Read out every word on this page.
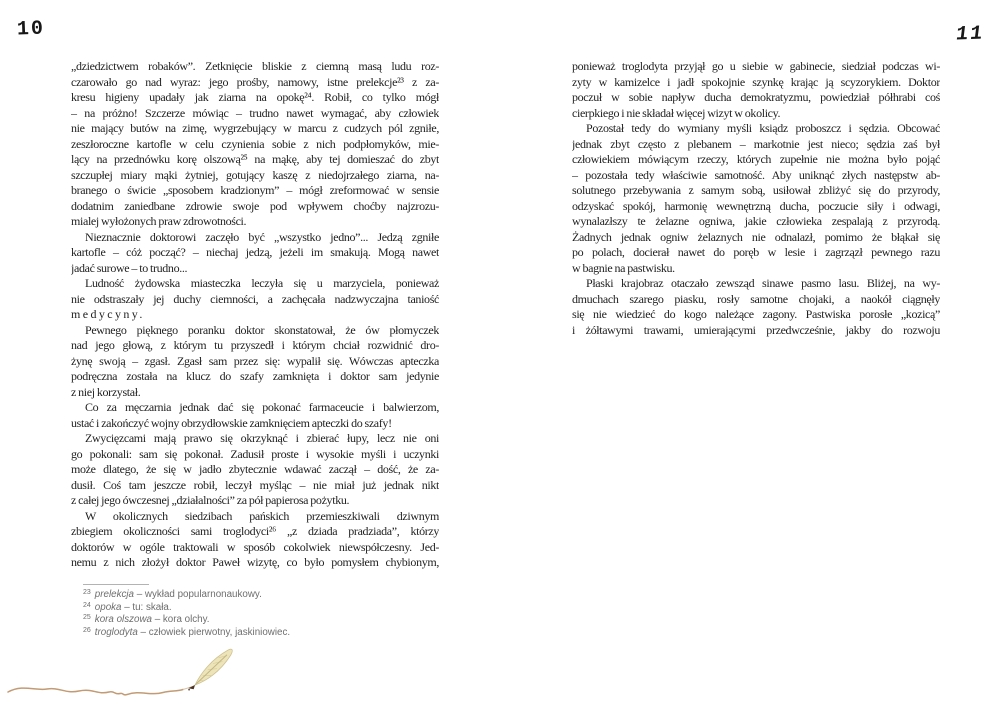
10
„dziedzictwem robaków”. Zetknięcie bliskie z ciemną masą ludu roz-
czarowało go nad wyraz: jego prośby, namowy, istne prelekcje²³ z za-
kresu higieny upadały jak ziarna na opokę²⁴. Robił, co tylko mógł
– na próżno! Szczerze mówiąc – trudno nawet wymagać, aby człowiek
nie mający butów na zimę, wygrzebujący w marcu z cudzych pól zgniłe,
zeszłoroczne kartofle w celu czynienia sobie z nich podpłomyków, mie-
lący na przednówku korę olszową²⁵ na mąkę, aby tej domieszać do zbyt
szczupłej miary mąki żytniej, gotujący kaszę z niedojrzałego ziarna, na-
branego o świcie „sposobem kradzionym” – mógł zreformować w sensie
dodatnim zaniedbane zdrowie swoje pod wpływem choćby najzrozu-
mialej wyłożonych praw zdrowotności.
Nieznacznie doktorowi zaczęło być „wszystko jedno”... Jedzą zgniłe
kartofle – cóż począć? – niechaj jedzą, jeżeli im smakują. Mogą nawet
jadać surowe – to trudno...
Ludność żydowska miasteczka leczyła się u marzyciela, ponieważ
nie odstraszały jej duchy ciemności, a zachęcała nadzwyczajna taniość
medycyny.
Pewnego pięknego poranku doktor skonstatował, że ów płomyczek
nad jego głową, z którym tu przyszedł i którym chciał rozwidnić dro-
żynę swoją – zgasł. Zgasł sam przez się: wypalił się. Wówczas apteczka
podręczna została na klucz do szafy zamknięta i doktor sam jedynie
z niej korzystał.
Co za męczarnia jednak dać się pokonać farmaceucie i balwierzom,
ustać i zakończyć wojny obrzydłowskie zamknięciem apteczki do szafy!
Zwycięzcami mają prawo się okrzyknąć i zbierać łupy, lecz nie oni
go pokonali: sam się pokonał. Zadusił proste i wysokie myśli i uczynki
może dlatego, że się w jadło zbytecznie wdawać zaczął – dość, że za-
dusił. Coś tam jeszcze robił, leczył myśląc – nie miał już jednak nikt
z całej jego ówczesnej „działalności” za pół papierosa pożytku.
W okolicznych siedzibach pańskich przemieszkiwali dziwnym
zbiegiem okoliczności sami troglodyci²⁶ „z dziada pradziada”, którzy
doktorów w ogóle traktowali w sposób cokolwiek niewspółczesny. Jed-
nemu z nich złożył doktor Paweł wizytę, co było pomysłem chybionym,
23 prelekcja – wykład popularnonaukowy.
24 opoka – tu: skała.
25 kora olszowa – kora olchy.
26 troglodyta – człowiek pierwotny, jaskiniowiec.
11
ponieważ troglodyta przyjął go u siebie w gabinecie, siedział podczas wi-
zyty w kamizelce i jadł spokojnie szynkę krając ją scyzorykiem. Doktor
poczuł w sobie napływ ducha demokratyzmu, powiedział półhrabi coś
cierpkiego i nie składał więcej wizyt w okolicy.
Pozostał tedy do wymiany myśli ksiądz proboszcz i sędzia. Obcować
jednak zbyt często z plebanem – markotnie jest nieco; sędzia zaś był
człowiekiem mówiącym rzeczy, których zupełnie nie można było pojąć
– pozostała tedy właściwie samotność. Aby uniknąć złych następstw ab-
solutnego przebywania z samym sobą, usiłował zbliżyć się do przyrody,
odzyskać spokój, harmonię wewnętrzną ducha, poczucie siły i odwagi,
wynalazłszy te żelazne ogniwa, jakie człowieka zespalają z przyrodą.
Żadnych jednak ogniw żelaznych nie odnalazł, pomimo że błąkał się
po polach, docierał nawet do poręb w lesie i zagrzązł pewnego razu
w bagnie na pastwisku.
Płaski krajobraz otaczało zewsząd sinawe pasmo lasu. Bliżej, na wy-
dmuchach szarego piasku, rosły samotne chojaki, a naokół ciągnęły
się nie wiedzieć do kogo należące zagony. Pastwiska porosłe „kozicą”
i żółtawymi trawami, umierającymi przedwcześnie, jakby do rozwoju
